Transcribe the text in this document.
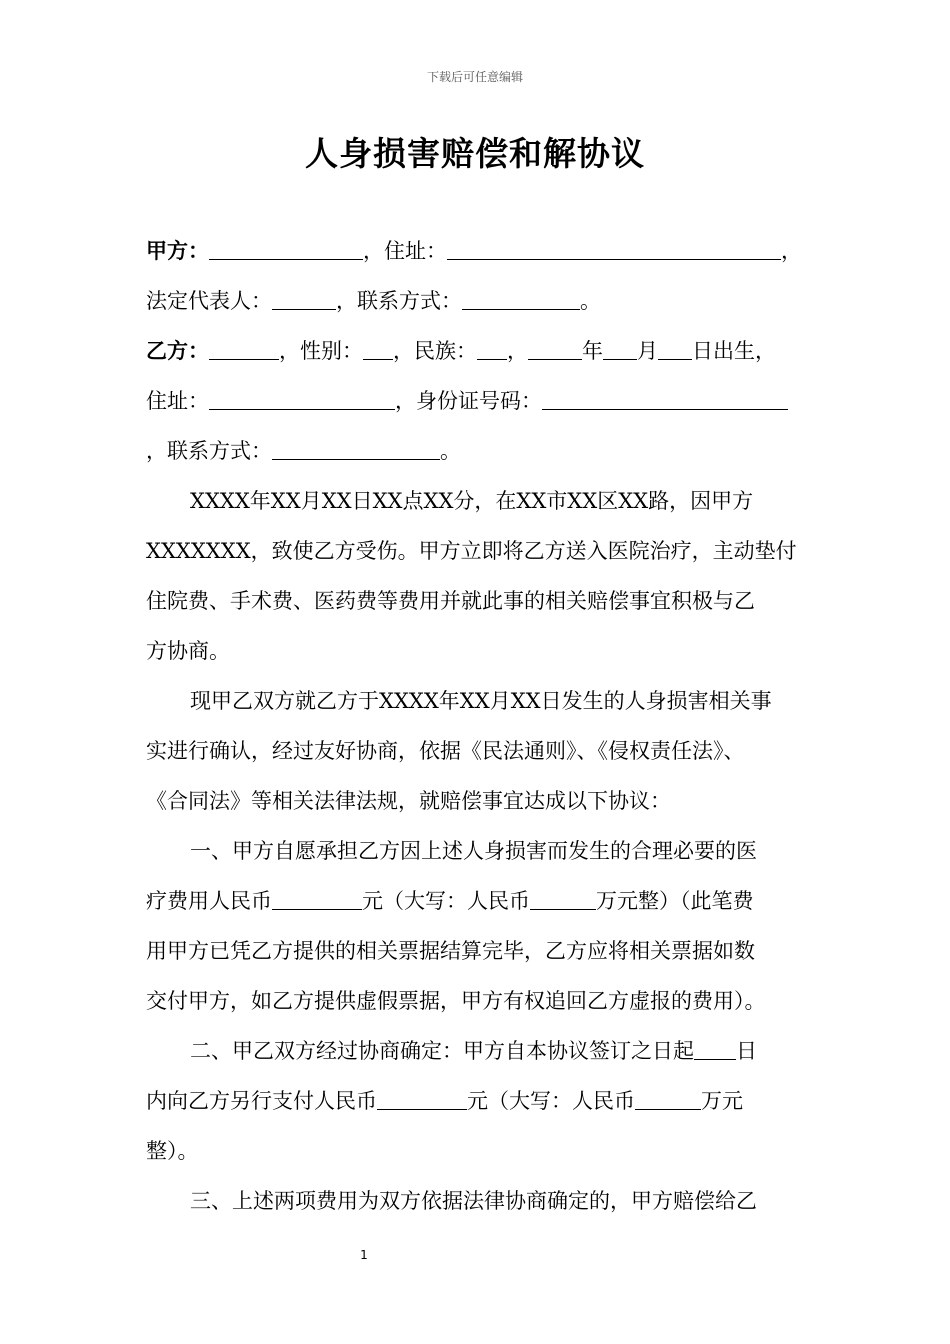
下载后可任意编辑
人身损害赔偿和解协议
甲方：	，住址：	，
法定代表人：	，联系方式：	。
乙方：	，性别： ，民族： ，	年 月 日出生，
住址：	，身份证号码：
，联系方式：	。
XXXX年XX月XX日XX点XX分，在XX市XX区XX路，因甲方
XXXXXXX，致使乙方受伤。甲方立即将乙方送入医院治疗，主动垫付
住院费、手术费、医药费等费用并就此事的相关赔偿事宜积极与乙
方协商。
现甲乙双方就乙方于XXXX年XX月XX日发生的人身损害相关事
实进行确认，经过友好协商，依据《民法通则》、《侵权责任法》、
《合同法》等相关法律法规，就赔偿事宜达成以下协议：
一、甲方自愿承担乙方因上述人身损害而发生的合理必要的医
疗费用人民币	元（大写：人民币	万元整）（此笔费
用甲方已凭乙方提供的相关票据结算完毕，乙方应将相关票据如数
交付甲方，如乙方提供虚假票据，甲方有权追回乙方虚报的费用）。
二、甲乙双方经过协商确定：甲方自本协议签订之日起 日
内向乙方另行支付人民币	元（大写：人民币	万元
整）。
三、上述两项费用为双方依据法律协商确定的，甲方赔偿给乙
1
